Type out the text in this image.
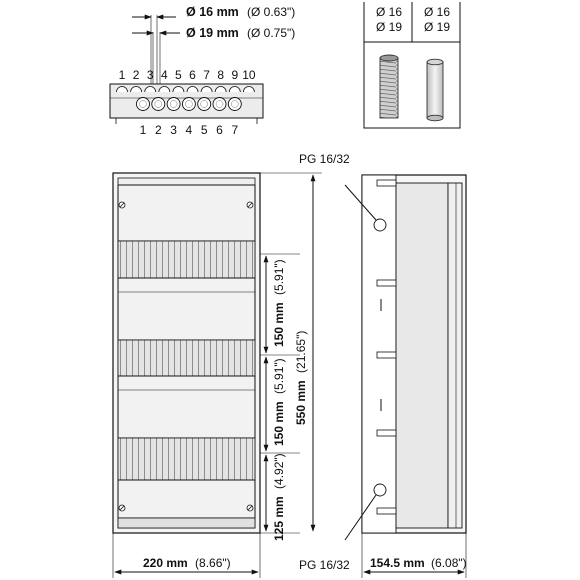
Ø 16 mm (Ø 0.63")
Ø 19 mm (Ø 0.75")
1 2 3 4 5 6 7 8 9 10
1 2 3 4 5 6 7
Ø 16
Ø 19
Ø 16
Ø 19
150 mm (5.91")
150 mm (5.91")
125 mm (4.92")
550 mm (21.65")
PG 16/32
PG 16/32
220 mm (8.66")	154.5 mm (6.08")
